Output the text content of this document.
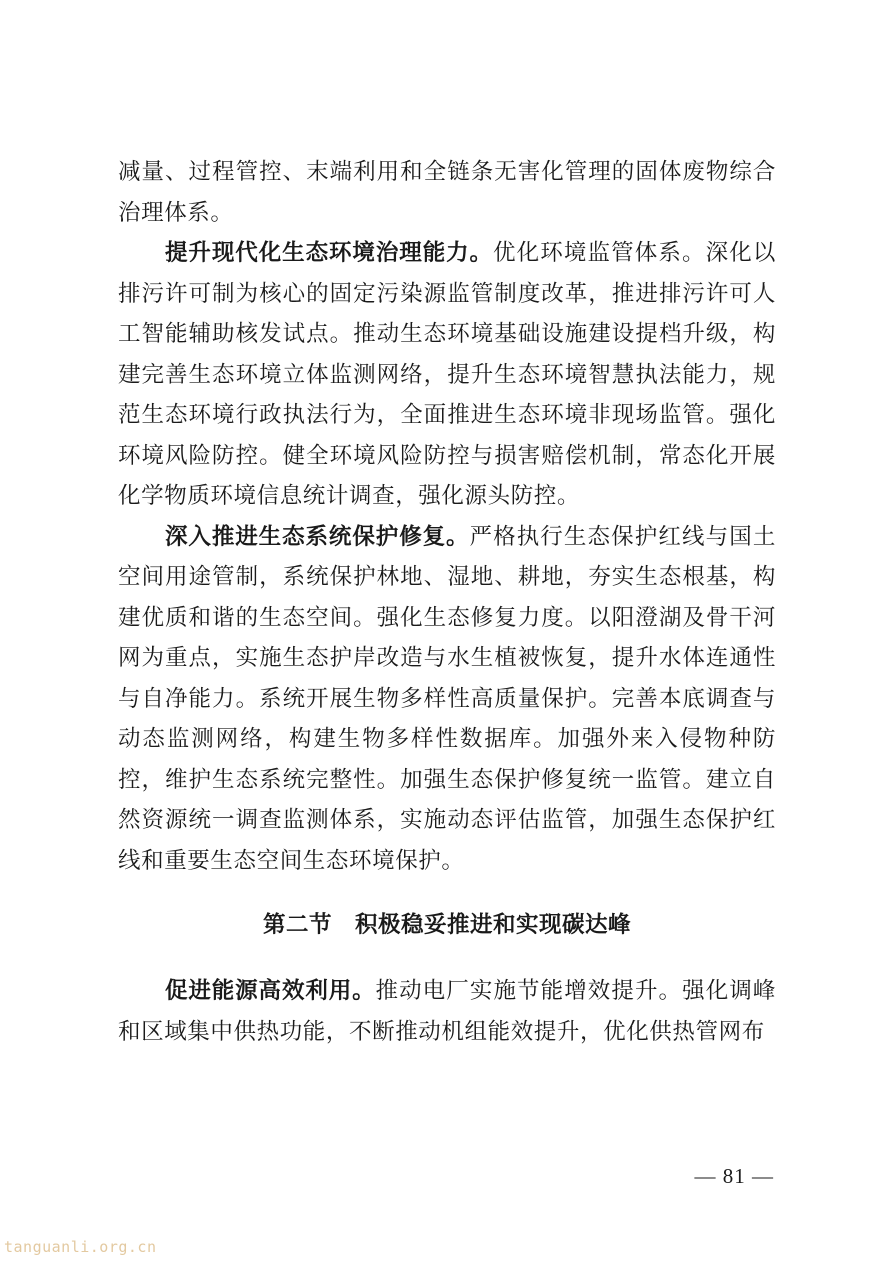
减量、过程管控、末端利用和全链条无害化管理的固体废物综合治理体系。

提升现代化生态环境治理能力。优化环境监管体系。深化以排污许可制为核心的固定污染源监管制度改革，推进排污许可人工智能辅助核发试点。推动生态环境基础设施建设提档升级，构建完善生态环境立体监测网络，提升生态环境智慧执法能力，规范生态环境行政执法行为，全面推进生态环境非现场监管。强化环境风险防控。健全环境风险防控与损害赔偿机制，常态化开展化学物质环境信息统计调查，强化源头防控。

深入推进生态系统保护修复。严格执行生态保护红线与国土空间用途管制，系统保护林地、湿地、耕地，夯实生态根基，构建优质和谐的生态空间。强化生态修复力度。以阳澄湖及骨干河网为重点，实施生态护岸改造与水生植被恢复，提升水体连通性与自净能力。系统开展生物多样性高质量保护。完善本底调查与动态监测网络，构建生物多样性数据库。加强外来入侵物种防控，维护生态系统完整性。加强生态保护修复统一监管。建立自然资源统一调查监测体系，实施动态评估监管，加强生态保护红线和重要生态空间生态环境保护。

第二节　积极稳妥推进和实现碳达峰

促进能源高效利用。推动电厂实施节能增效提升。强化调峰和区域集中供热功能，不断推动机组能效提升，优化供热管网布

— 81 —
tanguanli.org.cn
